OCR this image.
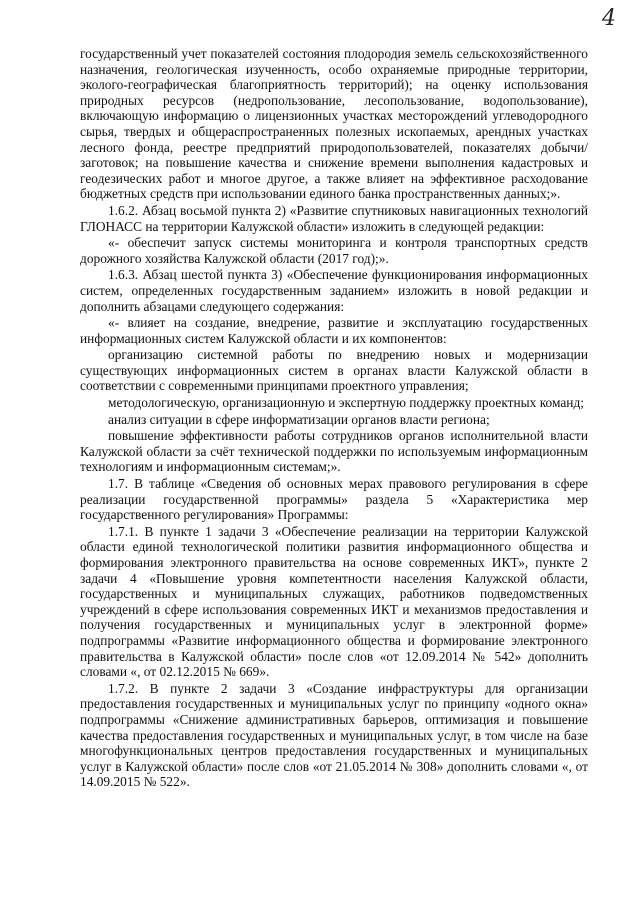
4

государственный учет показателей состояния плодородия земель сельскохозяйственного назначения, геологическая изученность, особо охраняемые природные территории, эколого-географическая благоприятность территорий); на оценку использования природных ресурсов (недропользование, лесопользование, водопользование), включающую информацию о лицензионных участках месторождений углеводородного сырья, твердых и общераспространенных полезных ископаемых, арендных участках лесного фонда, реестре предприятий природопользователей, показателях добычи/заготовок; на повышение качества и снижение времени выполнения кадастровых и геодезических работ и многое другое, а также влияет на эффективное расходование бюджетных средств при использовании единого банка пространственных данных;».

1.6.2. Абзац восьмой пункта 2) «Развитие спутниковых навигационных технологий ГЛОНАСС на территории Калужской области» изложить в следующей редакции:

«- обеспечит запуск системы мониторинга и контроля транспортных средств дорожного хозяйства Калужской области (2017 год);».

1.6.3. Абзац шестой пункта 3) «Обеспечение функционирования информационных систем, определенных государственным заданием» изложить в новой редакции и дополнить абзацами следующего содержания:

«- влияет на создание, внедрение, развитие и эксплуатацию государственных информационных систем Калужской области и их компонентов:

организацию системной работы по внедрению новых и модернизации существующих информационных систем в органах власти Калужской области в соответствии с современными принципами проектного управления;

методологическую, организационную и экспертную поддержку проектных команд;

анализ ситуации в сфере информатизации органов власти региона;

повышение эффективности работы сотрудников органов исполнительной власти Калужской области за счёт технической поддержки по используемым информационным технологиям и информационным системам;».

1.7. В таблице «Сведения об основных мерах правового регулирования в сфере реализации государственной программы» раздела 5 «Характеристика мер государственного регулирования» Программы:

1.7.1. В пункте 1 задачи 3 «Обеспечение реализации на территории Калужской области единой технологической политики развития информационного общества и формирования электронного правительства на основе современных ИКТ», пункте 2 задачи 4 «Повышение уровня компетентности населения Калужской области, государственных и муниципальных служащих, работников подведомственных учреждений в сфере использования современных ИКТ и механизмов предоставления и получения государственных и муниципальных услуг в электронной форме» подпрограммы «Развитие информационного общества и формирование электронного правительства в Калужской области» после слов «от 12.09.2014 № 542» дополнить словами «, от 02.12.2015 № 669».

1.7.2. В пункте 2 задачи 3 «Создание инфраструктуры для организации предоставления государственных и муниципальных услуг по принципу «одного окна» подпрограммы «Снижение административных барьеров, оптимизация и повышение качества предоставления государственных и муниципальных услуг, в том числе на базе многофункциональных центров предоставления государственных и муниципальных услуг в Калужской области» после слов «от 21.05.2014 № 308» дополнить словами «, от 14.09.2015 № 522».
